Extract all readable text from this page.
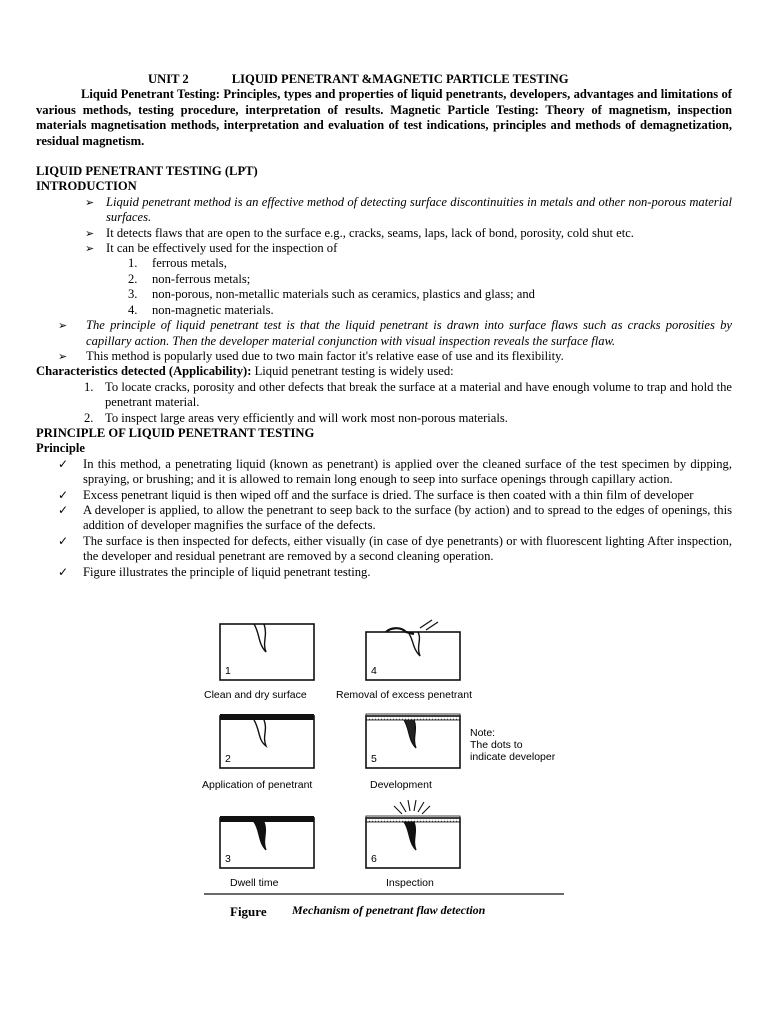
UNIT 2	LIQUID PENETRANT &MAGNETIC PARTICLE TESTING
Liquid Penetrant Testing: Principles, types and properties of liquid penetrants, developers, advantages and limitations of various methods, testing procedure, interpretation of results. Magnetic Particle Testing: Theory of magnetism, inspection materials magnetisation methods, interpretation and evaluation of test indications, principles and methods of demagnetization, residual magnetism.
LIQUID PENETRANT TESTING (LPT)
INTRODUCTION
➢ Liquid penetrant method is an effective method of detecting surface discontinuities in metals and other non-porous material surfaces.
➢ It detects flaws that are open to the surface e.g., cracks, seams, laps, lack of bond, porosity, cold shut etc.
➢ It can be effectively used for the inspection of
1.	ferrous metals,
2.	non-ferrous metals;
3.	non-porous, non-metallic materials such as ceramics, plastics and glass; and
4.	non-magnetic materials.
➢	The principle of liquid penetrant test is that the liquid penetrant is drawn into surface flaws such as cracks porosities by capillary action. Then the developer material conjunction with visual inspection reveals the surface flaw.
➢	This method is popularly used due to two main factor it's relative ease of use and its flexibility.
Characteristics detected (Applicability): Liquid penetrant testing is widely used:
1. To locate cracks, porosity and other defects that break the surface at a material and have enough volume to trap and hold the penetrant material.
2. To inspect large areas very efficiently and will work most non-porous materials.
PRINCIPLE OF LIQUID PENETRANT TESTING
Principle
✓	In this method, a penetrating liquid (known as penetrant) is applied over the cleaned surface of the test specimen by dipping, spraying, or brushing; and it is allowed to remain long enough to seep into surface openings through capillary action.
✓	Excess penetrant liquid is then wiped off and the surface is dried. The surface is then coated with a thin film of developer
✓	A developer is applied, to allow the penetrant to seep back to the surface (by action) and to spread to the edges of openings, this addition of developer magnifies the surface of the defects.
✓	The surface is then inspected for defects, either visually (in case of dye penetrants) or with fluorescent lighting After inspection, the developer and residual penetrant are removed by a second cleaning operation.
✓	Figure illustrates the principle of liquid penetrant testing.
1
Clean and dry surface
4
Removal of excess penetrant
2
Application of penetrant
5
Development
Note:
The dots to
indicate developer
3
Dwell time
6
Inspection
Figure Mechanism of penetrant flaw detection
